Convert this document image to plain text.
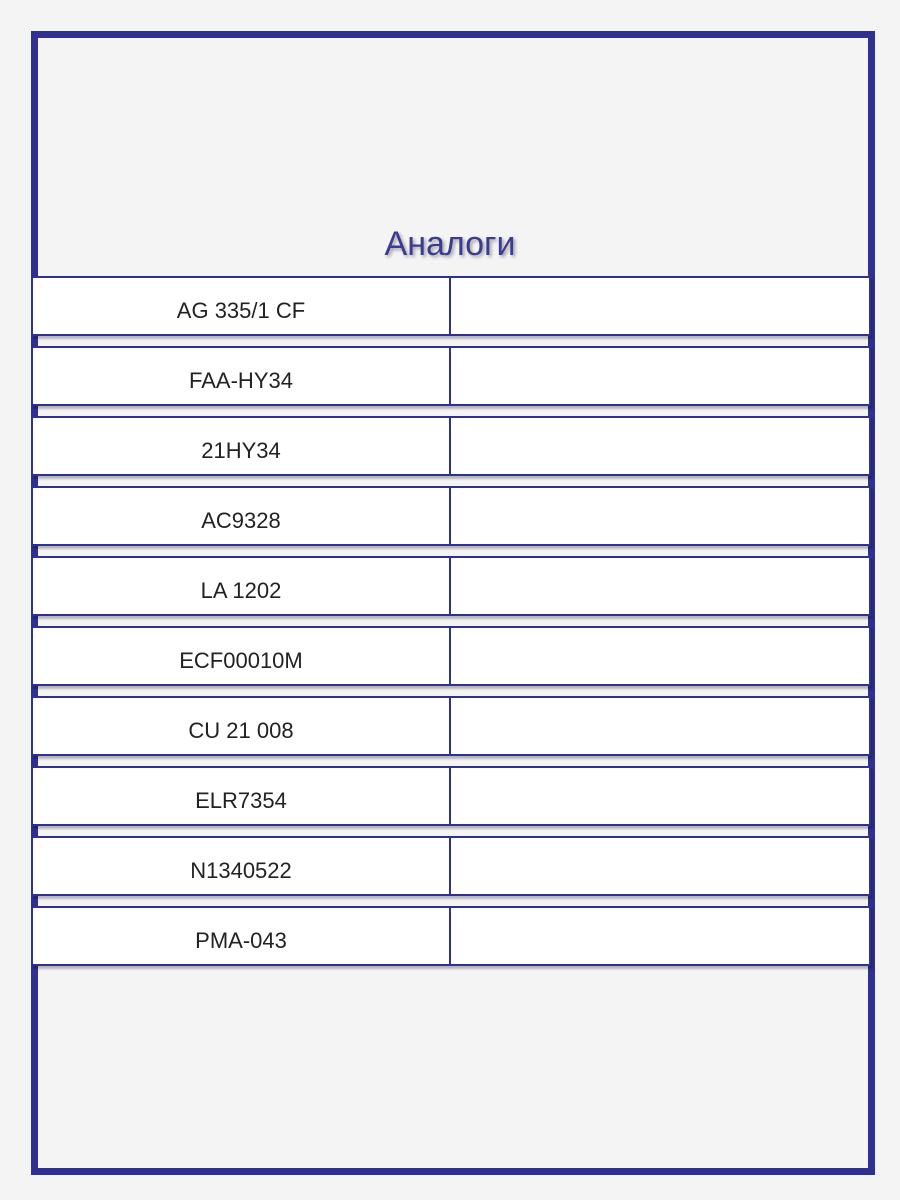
Аналоги
AG 335/1 CF
FAA-HY34
21HY34
AC9328
LA 1202
ECF00010M
CU 21 008
ELR7354
N1340522
PMA-043
